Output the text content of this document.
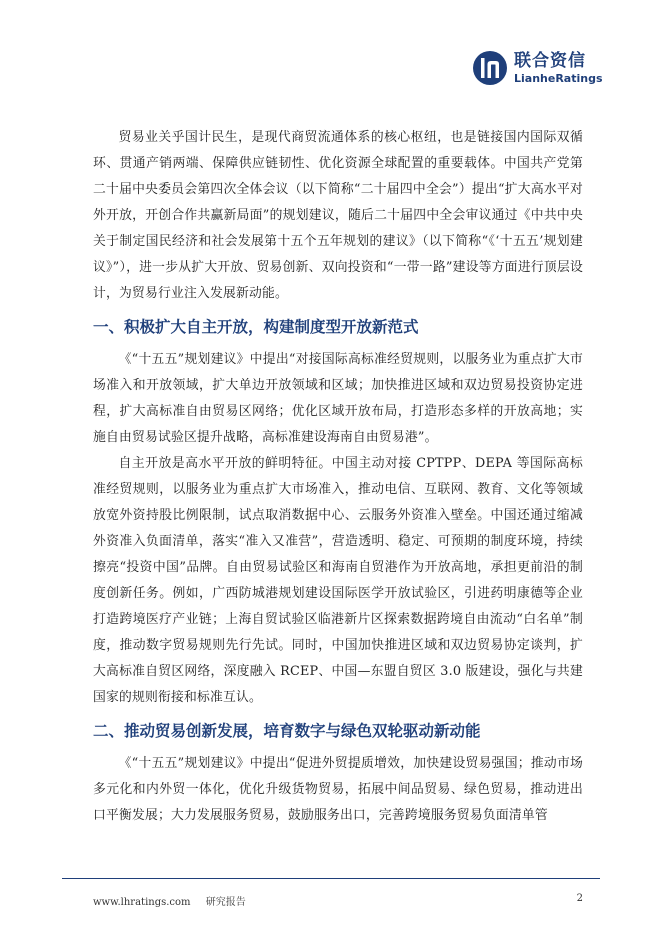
联合资信
LianheRatings

贸易业关乎国计民生，是现代商贸流通体系的核心枢纽，也是链接国内国际双循环、贯通产销两端、保障供应链韧性、优化资源全球配置的重要载体。中国共产党第二十届中央委员会第四次全体会议（以下简称“二十届四中全会”）提出“扩大高水平对外开放，开创合作共赢新局面”的规划建议，随后二十届四中全会审议通过《中共中央关于制定国民经济和社会发展第十五个五年规划的建议》（以下简称“《‘十五五’规划建议》”），进一步从扩大开放、贸易创新、双向投资和“一带一路”建设等方面进行顶层设计，为贸易行业注入发展新动能。

一、积极扩大自主开放，构建制度型开放新范式

《“十五五”规划建议》中提出“对接国际高标准经贸规则，以服务业为重点扩大市场准入和开放领域，扩大单边开放领域和区域；加快推进区域和双边贸易投资协定进程，扩大高标准自由贸易区网络；优化区域开放布局，打造形态多样的开放高地；实施自由贸易试验区提升战略，高标准建设海南自由贸易港”。

自主开放是高水平开放的鲜明特征。中国主动对接 CPTPP、DEPA 等国际高标准经贸规则，以服务业为重点扩大市场准入，推动电信、互联网、教育、文化等领域放宽外资持股比例限制，试点取消数据中心、云服务外资准入壁垒。中国还通过缩减外资准入负面清单，落实“准入又准营”，营造透明、稳定、可预期的制度环境，持续擦亮“投资中国”品牌。自由贸易试验区和海南自贸港作为开放高地，承担更前沿的制度创新任务。例如，广西防城港规划建设国际医学开放试验区，引进药明康德等企业打造跨境医疗产业链；上海自贸试验区临港新片区探索数据跨境自由流动“白名单”制度，推动数字贸易规则先行先试。同时，中国加快推进区域和双边贸易协定谈判，扩大高标准自贸区网络，深度融入 RCEP、中国—东盟自贸区 3.0 版建设，强化与共建国家的规则衔接和标准互认。

二、推动贸易创新发展，培育数字与绿色双轮驱动新动能

《“十五五”规划建议》中提出“促进外贸提质增效，加快建设贸易强国；推动市场多元化和内外贸一体化，优化升级货物贸易，拓展中间品贸易、绿色贸易，推动进出口平衡发展；大力发展服务贸易，鼓励服务出口，完善跨境服务贸易负面清单管

www.lhratings.com 研究报告	2
